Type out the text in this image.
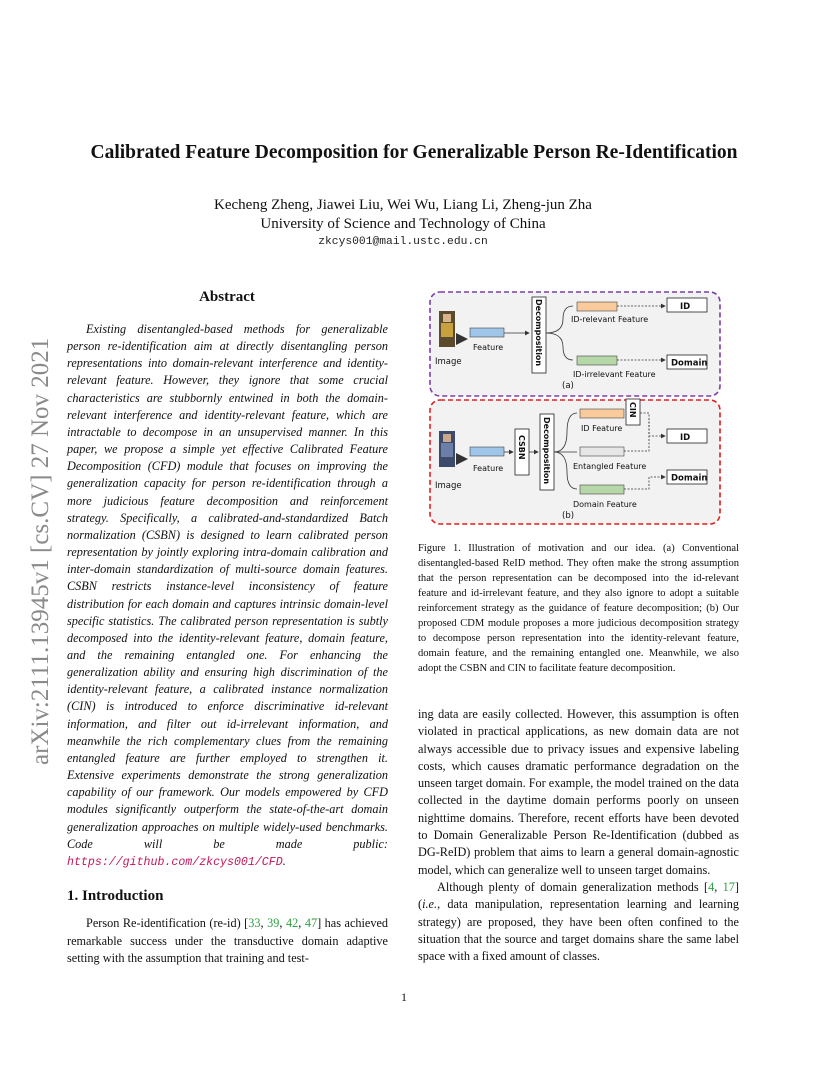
arXiv:2111.13945v1 [cs.CV] 27 Nov 2021
Calibrated Feature Decomposition for Generalizable Person Re-Identification
Kecheng Zheng, Jiawei Liu, Wei Wu, Liang Li, Zheng-jun Zha
University of Science and Technology of China
zkcys001@mail.ustc.edu.cn
Abstract
Existing disentangled-based methods for generalizable person re-identification aim at directly disentangling person representations into domain-relevant interference and identity-relevant feature. However, they ignore that some crucial characteristics are stubbornly entwined in both the domain-relevant interference and identity-relevant feature, which are intractable to decompose in an unsupervised manner. In this paper, we propose a simple yet effective Calibrated Feature Decomposition (CFD) module that focuses on improving the generalization capacity for person re-identification through a more judicious feature decomposition and reinforcement strategy. Specifically, a calibrated-and-standardized Batch normalization (CSBN) is designed to learn calibrated person representation by jointly exploring intra-domain calibration and inter-domain standardization of multi-source domain features. CSBN restricts instance-level inconsistency of feature distribution for each domain and captures intrinsic domain-level specific statistics. The calibrated person representation is subtly decomposed into the identity-relevant feature, domain feature, and the remaining entangled one. For enhancing the generalization ability and ensuring high discrimination of the identity-relevant feature, a calibrated instance normalization (CIN) is introduced to enforce discriminative id-relevant information, and filter out id-irrelevant information, and meanwhile the rich complementary clues from the remaining entangled feature are further employed to strengthen it. Extensive experiments demonstrate the strong generalization capability of our framework. Our models empowered by CFD modules significantly outperform the state-of-the-art domain generalization approaches on multiple widely-used benchmarks. Code will be made public: https://github.com/zkcys001/CFD.
1. Introduction
Person Re-identification (re-id) [33, 39, 42, 47] has achieved remarkable success under the transductive domain adaptive setting with the assumption that training and test-
Image
Feature	Decomposition	ID-relevant Feature
ID
ID-irrelevant Feature
Domain
(a)
Image
Feature
CSBN Decomposition	ID Feature
CIN
ID
Entangled Feature
Domain Feature
Domain
(b)
Figure 1. Illustration of motivation and our idea. (a) Conventional disentangled-based ReID method. They often make the strong assumption that the person representation can be decomposed into the id-relevant feature and id-irrelevant feature, and they also ignore to adopt a suitable reinforcement strategy as the guidance of feature decomposition; (b) Our proposed CDM module proposes a more judicious decomposition strategy to decompose person representation into the identity-relevant feature, domain feature, and the remaining entangled one. Meanwhile, we also adopt the CSBN and CIN to facilitate feature decomposition.

ing data are easily collected. However, this assumption is often violated in practical applications, as new domain data are not always accessible due to privacy issues and expensive labeling costs, which causes dramatic performance degradation on the unseen target domain. For example, the model trained on the data collected in the daytime domain performs poorly on unseen nighttime domains. Therefore, recent efforts have been devoted to Domain Generalizable Person Re-Identification (dubbed as DG-ReID) problem that aims to learn a general domain-agnostic model, which can generalize well to unseen target domains.

Although plenty of domain generalization methods [4, 17] (i.e., data manipulation, representation learning and learning strategy) are proposed, they have been often confined to the situation that the source and target domains share the same label space with a fixed amount of classes.

1
